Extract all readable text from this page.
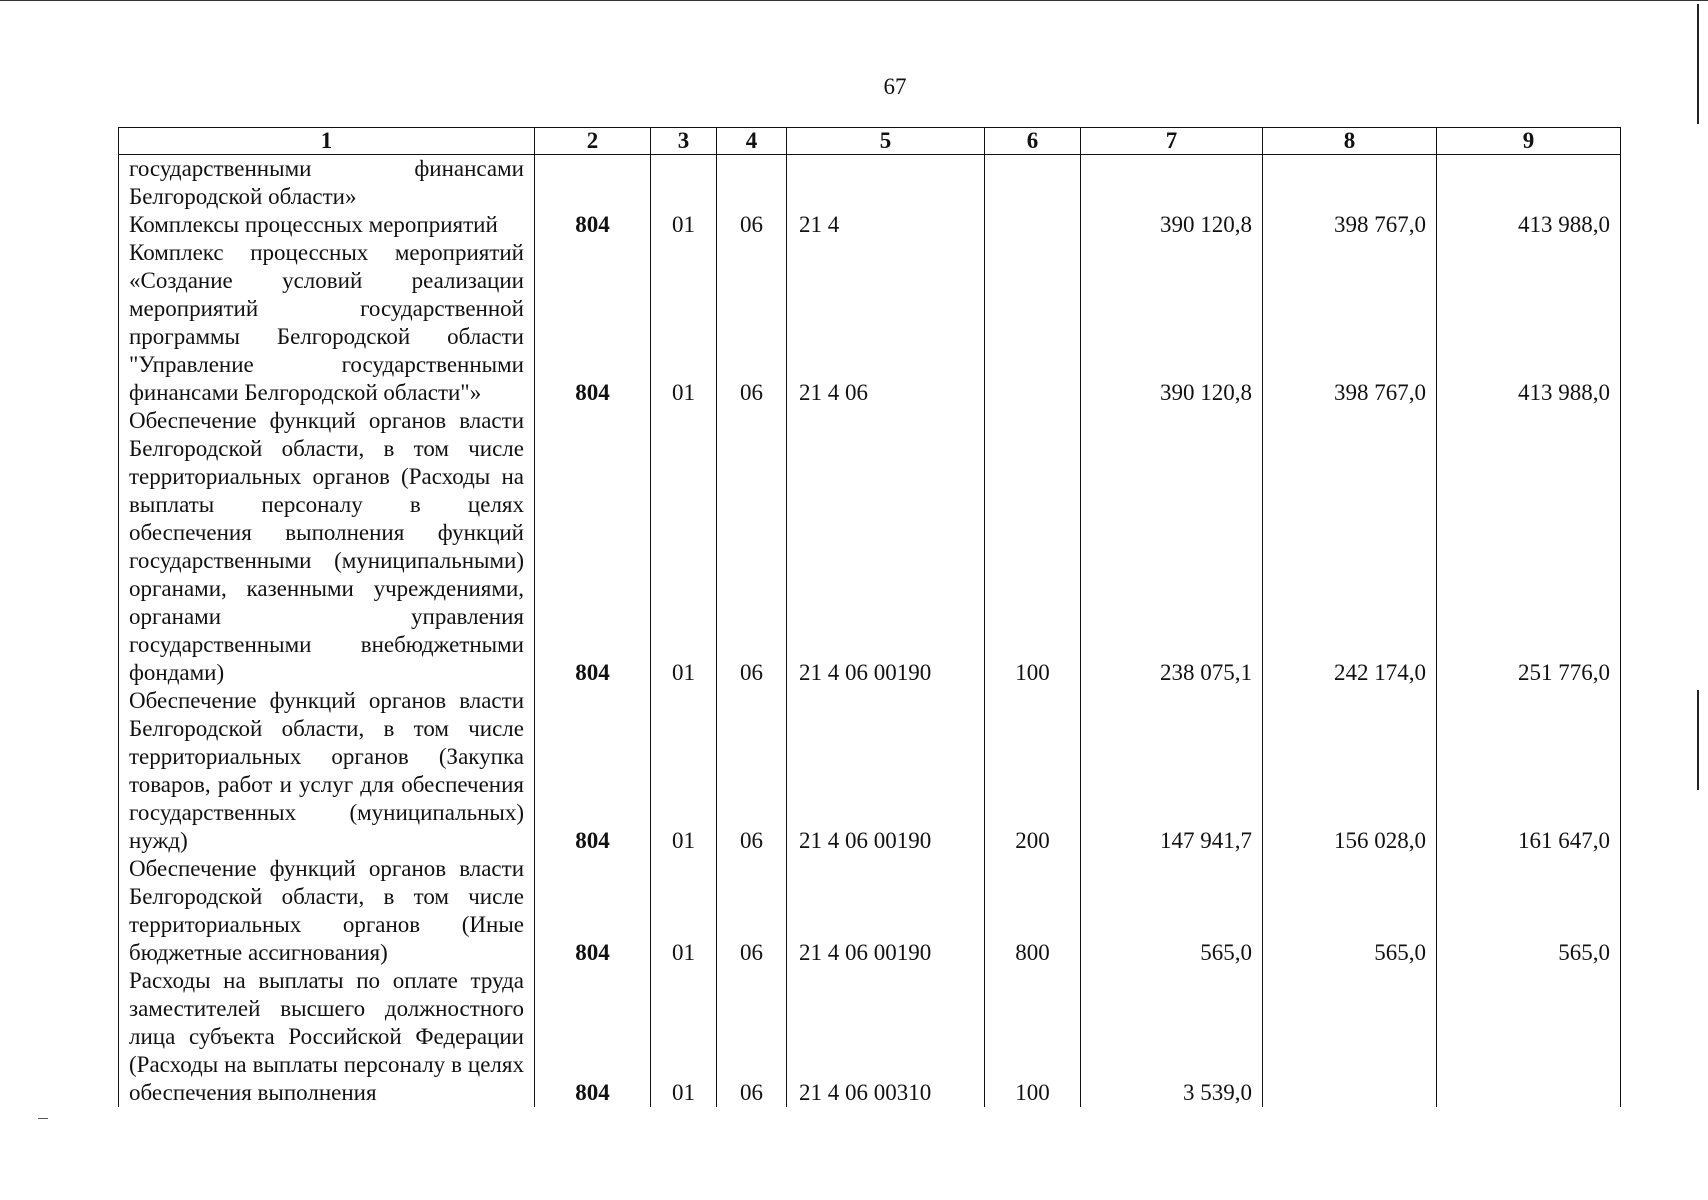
67
1	2	3	4	5	6	7	8	9
государственными финансами Белгородской области»								
Комплексы процессных мероприятий	804	01	06	21 4		390 120,8	398 767,0	413 988,0
Комплекс процессных мероприятий «Создание условий реализации мероприятий государственной программы Белгородской области "Управление государственными финансами Белгородской области"»	804	01	06	21 4 06		390 120,8	398 767,0	413 988,0
Обеспечение функций органов власти Белгородской области, в том числе территориальных органов (Расходы на выплаты персоналу в целях обеспечения выполнения функций государственными (муниципальными) органами, казенными учреждениями, органами управления государственными внебюджетными фондами)	804	01	06	21 4 06 00190	100	238 075,1	242 174,0	251 776,0
Обеспечение функций органов власти Белгородской области, в том числе территориальных органов (Закупка товаров, работ и услуг для обеспечения государственных (муниципальных) нужд)	804	01	06	21 4 06 00190	200	147 941,7	156 028,0	161 647,0
Обеспечение функций органов власти Белгородской области, в том числе территориальных органов (Иные бюджетные ассигнования)	804	01	06	21 4 06 00190	800	565,0	565,0	565,0
Расходы на выплаты по оплате труда заместителей высшего должностного лица субъекта Российской Федерации (Расходы на выплаты персоналу в целях обеспечения выполнения	804	01	06	21 4 06 00310	100	3 539,0		
